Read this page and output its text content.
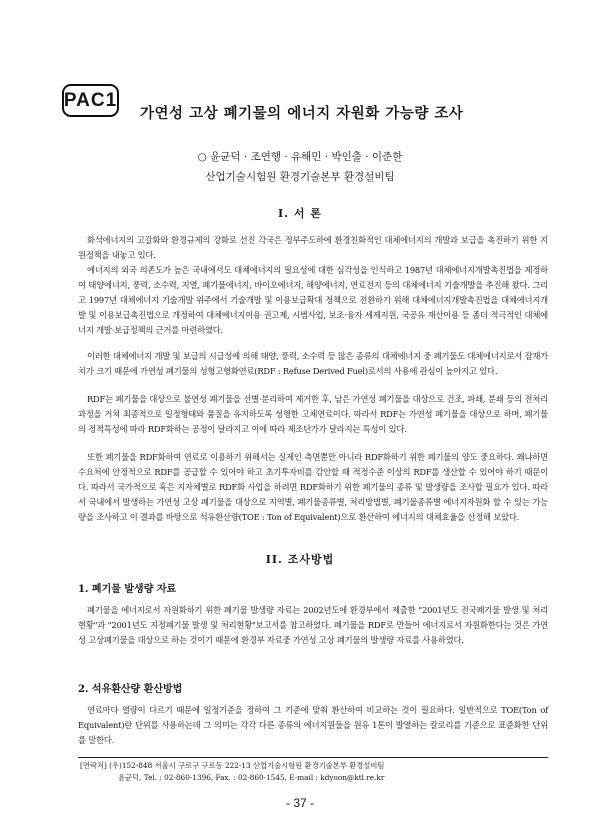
PAC1
가연성 고상 폐기물의 에너지 자원화 가능량 조사
○ 윤균덕 · 조연행 · 유해민 · 박인출 · 이준한
산업기술시험원 환경기술본부 환경설비팀
I. 서 론

화석에너지의 고갈화와 환경규제의 강화로 선진 각국은 정부주도하에 환경친화적인 대체에너지의 개발과 보급을 촉진하기 위한 지원정책을 내놓고 있다.

에너지의 외국 의존도가 높은 국내에서도 대체에너지의 필요성에 대한 심각성을 인식하고 1987년 대체에너지개발촉진법을 제정하여 태양에너지, 풍력, 소수력, 지열, 폐기물에너지, 바이오에너지, 해양에너지, 연료전지 등의 대체에너지 기술개발을 추진해 왔다. 그리고 1997년 대체에너지 기술개발 위주에서 기술개발 및 이용보급확대 정책으로 전환하기 위해 대체에너지개발촉진법을 대체에너지개발 및 이용보급촉진법으로 개정하여 대체에너지이용 권고제, 시범사업, 보조·융자 세제지원, 국공유 재산이용 등 좀더 적극적인 대체에너지 개발·보급정책의 근거를 마련하였다.

이러한 대체에너지 개발 및 보급의 시급성에 의해 태양, 풍력, 소수력 등 많은 종류의 대체에너지 중 폐기물도 대체에너지로서 잠재가치가 크기 때문에 가연성 폐기물의 성형고형화연료(RDF : Refuse Derived Fuel)로서의 사용에 관심이 높아지고 있다.

RDF는 폐기물을 대상으로 불연성 폐기물을 선별·분리하여 제거한 후, 남은 가연성 폐기물을 대상으로 건조, 파쇄, 분쇄 등의 전처리 과정을 거쳐 최종적으로 일정형태와 품질을 유지하도록 성형한 고체연료이다. 따라서 RDF는 가연성 폐기물을 대상으로 하며, 폐기물의 정적특성에 따라 RDF화하는 공정이 달라지고 이에 따라 제조단가가 달라지는 특성이 있다.

또한 폐기물을 RDF화하여 연료로 이용하기 위해서는 실제인 측면뿐만 아니라 RDF화하기 위한 폐기물의 양도 중요하다. 왜냐하면 수요처에 안정적으로 RDF를 공급할 수 있어야 하고 초기투자비를 감안할 때 적정수준 이상의 RDF를 생산할 수 있어야 하기 때문이다. 따라서 국가적으로 혹은 지자체별로 RDF화 사업을 하려면 RDF화하기 위한 폐기물의 종류 및 발생량을 조사할 필요가 있다. 따라서 국내에서 발생하는 가연성 고상 폐기물을 대상으로 지역별, 폐기물종류별, 처리방법별, 폐기물종류별 에너지자원화 할 수 있는 가능량을 조사하고 이 결과를 바탕으로 석유환산량(TOE : Ton of Equivalent)으로 환산하여 에너지의 대체효율을 산정해 보았다.

II. 조사방법
1. 폐기물 발생량 자료

폐기물을 에너지로서 자원화하기 위한 폐기물 발생량 자료는 2002년도에 환경부에서 제출한 "2001년도 전국폐기물 발생 및 처리현황"과 "2001년도 지정폐기물 발생 및 처리현황"보고서를 참고하였다. 폐기물을 RDF로 만들어 에너지로서 자원화한다는 것은 가연성 고상폐기물을 대상으로 하는 것이기 때문에 환경부 자료중 가연성 고상 폐기물의 발생량 자료를 사용하였다.

2. 석유환산량 환산방법

연료마다 열량이 다르기 때문에 일정기준을 정하여 그 기준에 맞춰 환산하여 비교하는 것이 필요하다. 일반적으로 TOE(Ton of Equivalent)란 단위를 사용하는데 그 의미는 각각 다른 종류의 에너지원들을 원유 1톤이 발열하는 칼로리를 기준으로 표준화한 단위를 말한다.

[연락처] (우)152-848 서울시 구로구 구로동 222-13 산업기술시험원 환경기술본부 환경설비팀
윤균덕, Tel. : 02-860-1396, Fax. : 02-860-1545, E-mail : kdyoon@ktl.re.kr
- 37 -
